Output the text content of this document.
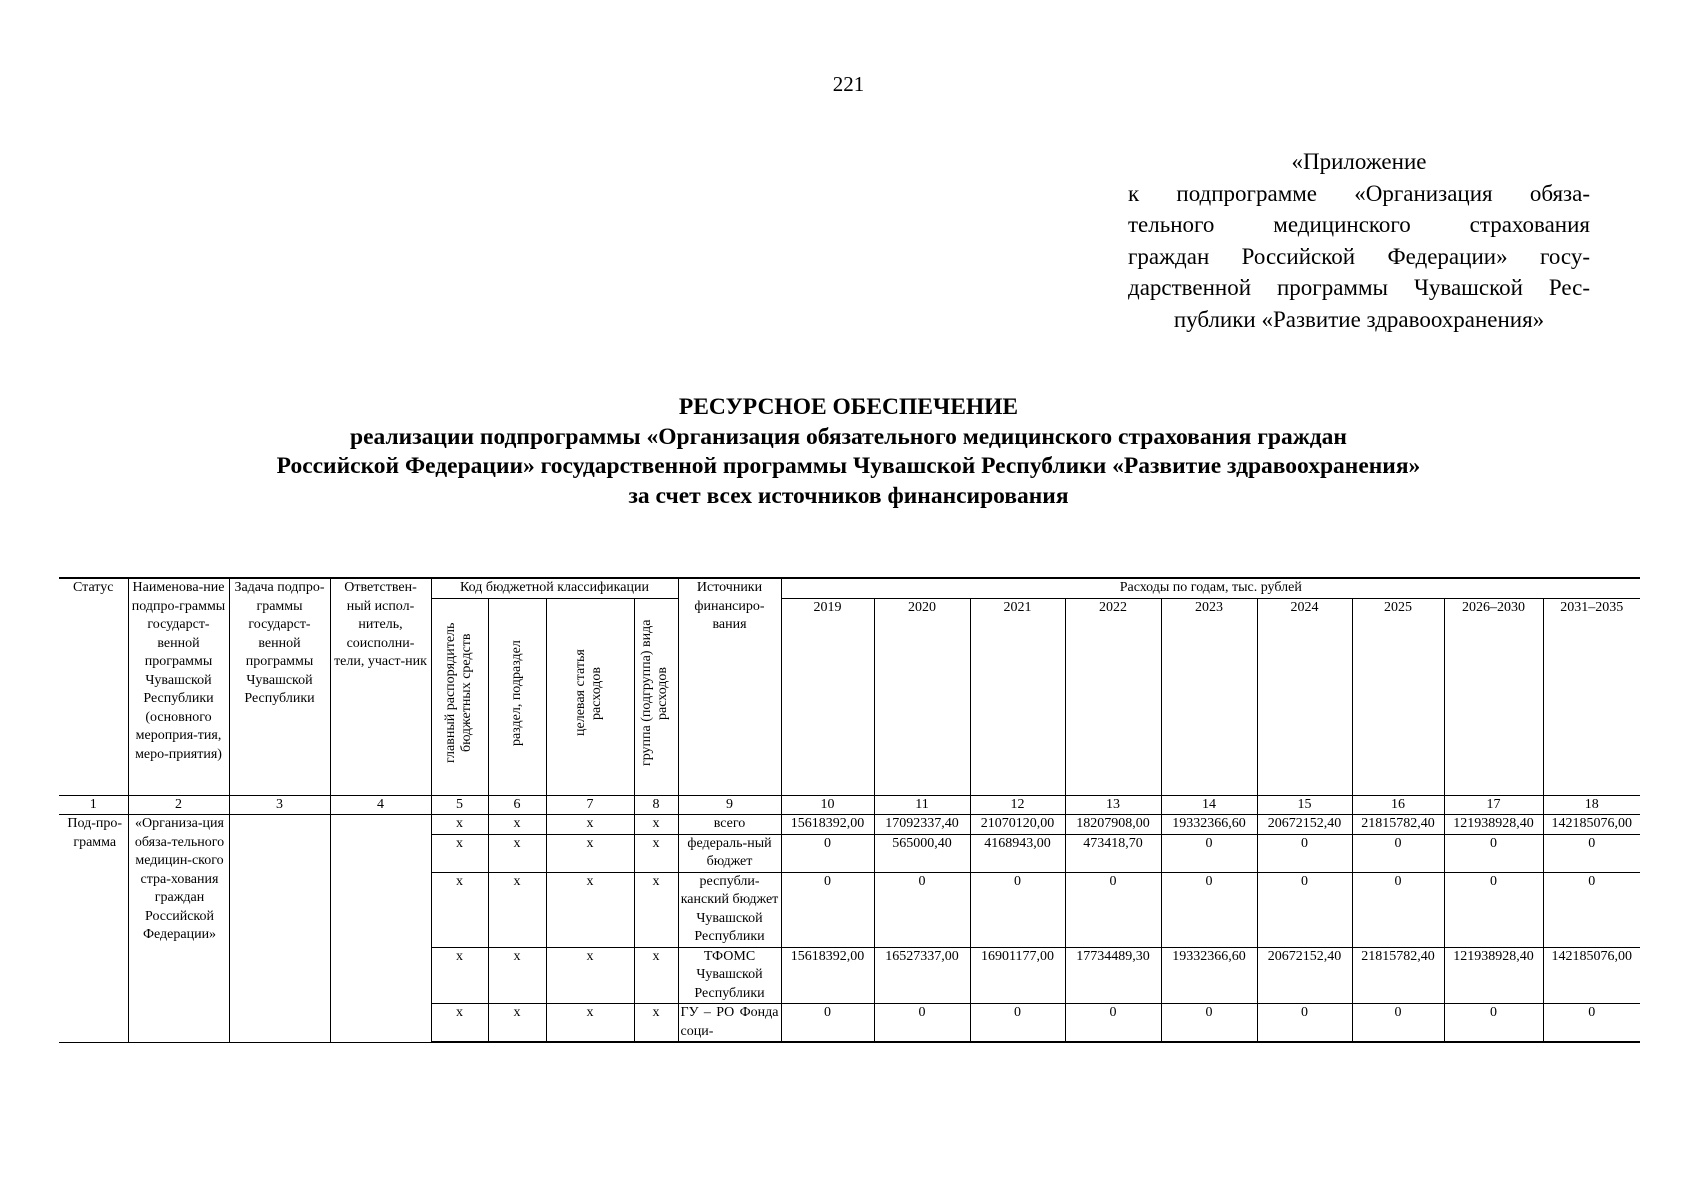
221
«Приложение
к подпрограмме «Организация обяза-
тельного медицинского страхования
граждан Российской Федерации» госу-
дарственной программы Чувашской Рес-
публики «Развитие здравоохранения»
РЕСУРСНОЕ ОБЕСПЕЧЕНИЕ
реализации подпрограммы «Организация обязательного медицинского страхования граждан
Российской Федерации» государственной программы Чувашской Республики «Развитие здравоохранения»
за счет всех источников финансирования
Статус	Наименова-ние подпро-граммы государст-венной программы Чувашской Республики (основного мероприя-тия, меро-приятия)	Задача подпро-граммы государст-венной программы Чувашской Республики	Ответствен-ный испол-нитель, соисполни-тели, участ-ник	Код бюджетной классификации				Источники финансиро-вания	Расходы по годам, тыс. рублей								
				главный распорядитель бюджетных средств	раздел, подраздел	целевая статья расходов	группа (подгруппа) вида расходов		2019	2020	2021	2022	2023	2024	2025	2026–2030	2031–2035
1	2	3	4	5	6	7	8	9	10	11	12	13	14	15	16	17	18
Под-про-грамма	«Организа-ция обяза-тельного медицин-ского стра-хования граждан Российской Федерации»			x	x	x	x	всего	15618392,00	17092337,40	21070120,00	18207908,00	19332366,60	20672152,40	21815782,40	121938928,40	142185076,00
				x	x	x	x	федераль-ный бюджет	0	565000,40	4168943,00	473418,70	0	0	0	0	0
				x	x	x	x	республи-канский бюджет Чувашской Республики	0	0	0	0	0	0	0	0	0
				x	x	x	x	ТФОМС Чувашской Республики	15618392,00	16527337,00	16901177,00	17734489,30	19332366,60	20672152,40	21815782,40	121938928,40	142185076,00
				x	x	x	x	ГУ – РО Фонда соци-	0	0	0	0	0	0	0	0	0
